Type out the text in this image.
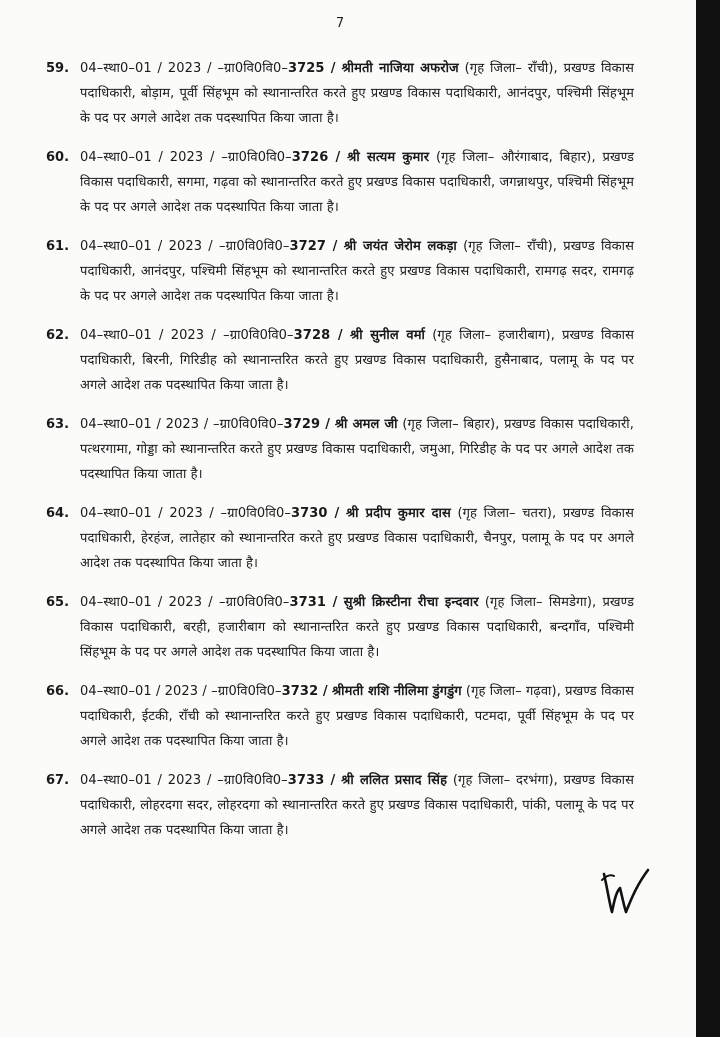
7
59. 04–स्था0–01 / 2023 / –ग्रा0वि0वि0–3725 / श्रीमती नाजिया अफरोज (गृह जिला– राँची), प्रखण्ड विकास पदाधिकारी, बोड़ाम, पूर्वी सिंहभूम को स्थानान्तरित करते हुए प्रखण्ड विकास पदाधिकारी, आनंदपुर, पश्चिमी सिंहभूम के पद पर अगले आदेश तक पदस्थापित किया जाता है।
60. 04–स्था0–01 / 2023 / –ग्रा0वि0वि0–3726 / श्री सत्यम कुमार (गृह जिला– औरंगाबाद, बिहार), प्रखण्ड विकास पदाधिकारी, सगमा, गढ़वा को स्थानान्तरित करते हुए प्रखण्ड विकास पदाधिकारी, जगन्नाथपुर, पश्चिमी सिंहभूम के पद पर अगले आदेश तक पदस्थापित किया जाता है।
61. 04–स्था0–01 / 2023 / –ग्रा0वि0वि0–3727 / श्री जयंत जेरोम लकड़ा (गृह जिला– राँची), प्रखण्ड विकास पदाधिकारी, आनंदपुर, पश्चिमी सिंहभूम को स्थानान्तरित करते हुए प्रखण्ड विकास पदाधिकारी, रामगढ़ सदर, रामगढ़ के पद पर अगले आदेश तक पदस्थापित किया जाता है।
62. 04–स्था0–01 / 2023 / –ग्रा0वि0वि0–3728 / श्री सुनील वर्मा (गृह जिला– हजारीबाग), प्रखण्ड विकास पदाधिकारी, बिरनी, गिरिडीह को स्थानान्तरित करते हुए प्रखण्ड विकास पदाधिकारी, हुसैनाबाद, पलामू के पद पर अगले आदेश तक पदस्थापित किया जाता है।
63. 04–स्था0–01 / 2023 / –ग्रा0वि0वि0–3729 / श्री अमल जी (गृह जिला– बिहार), प्रखण्ड विकास पदाधिकारी, पत्थरगामा, गोड्डा को स्थानान्तरित करते हुए प्रखण्ड विकास पदाधिकारी, जमुआ, गिरिडीह के पद पर अगले आदेश तक पदस्थापित किया जाता है।
64. 04–स्था0–01 / 2023 / –ग्रा0वि0वि0–3730 / श्री प्रदीप कुमार दास (गृह जिला– चतरा), प्रखण्ड विकास पदाधिकारी, हेरहंज, लातेहार को स्थानान्तरित करते हुए प्रखण्ड विकास पदाधिकारी, चैनपुर, पलामू के पद पर अगले आदेश तक पदस्थापित किया जाता है।
65. 04–स्था0–01 / 2023 / –ग्रा0वि0वि0–3731 / सुश्री क्रिस्टीना रीचा इन्दवार (गृह जिला– सिमडेगा), प्रखण्ड विकास पदाधिकारी, बरही, हजारीबाग को स्थानान्तरित करते हुए प्रखण्ड विकास पदाधिकारी, बन्दगाँव, पश्चिमी सिंहभूम के पद पर अगले आदेश तक पदस्थापित किया जाता है।
66. 04–स्था0–01 / 2023 / –ग्रा0वि0वि0–3732 / श्रीमती शशि नीलिमा डुंगडुंग (गृह जिला– गढ़वा), प्रखण्ड विकास पदाधिकारी, ईटकी, राँची को स्थानान्तरित करते हुए प्रखण्ड विकास पदाधिकारी, पटमदा, पूर्वी सिंहभूम के पद पर अगले आदेश तक पदस्थापित किया जाता है।
67. 04–स्था0–01 / 2023 / –ग्रा0वि0वि0–3733 / श्री ललित प्रसाद सिंह (गृह जिला– दरभंगा), प्रखण्ड विकास पदाधिकारी, लोहरदगा सदर, लोहरदगा को स्थानान्तरित करते हुए प्रखण्ड विकास पदाधिकारी, पांकी, पलामू के पद पर अगले आदेश तक पदस्थापित किया जाता है।
